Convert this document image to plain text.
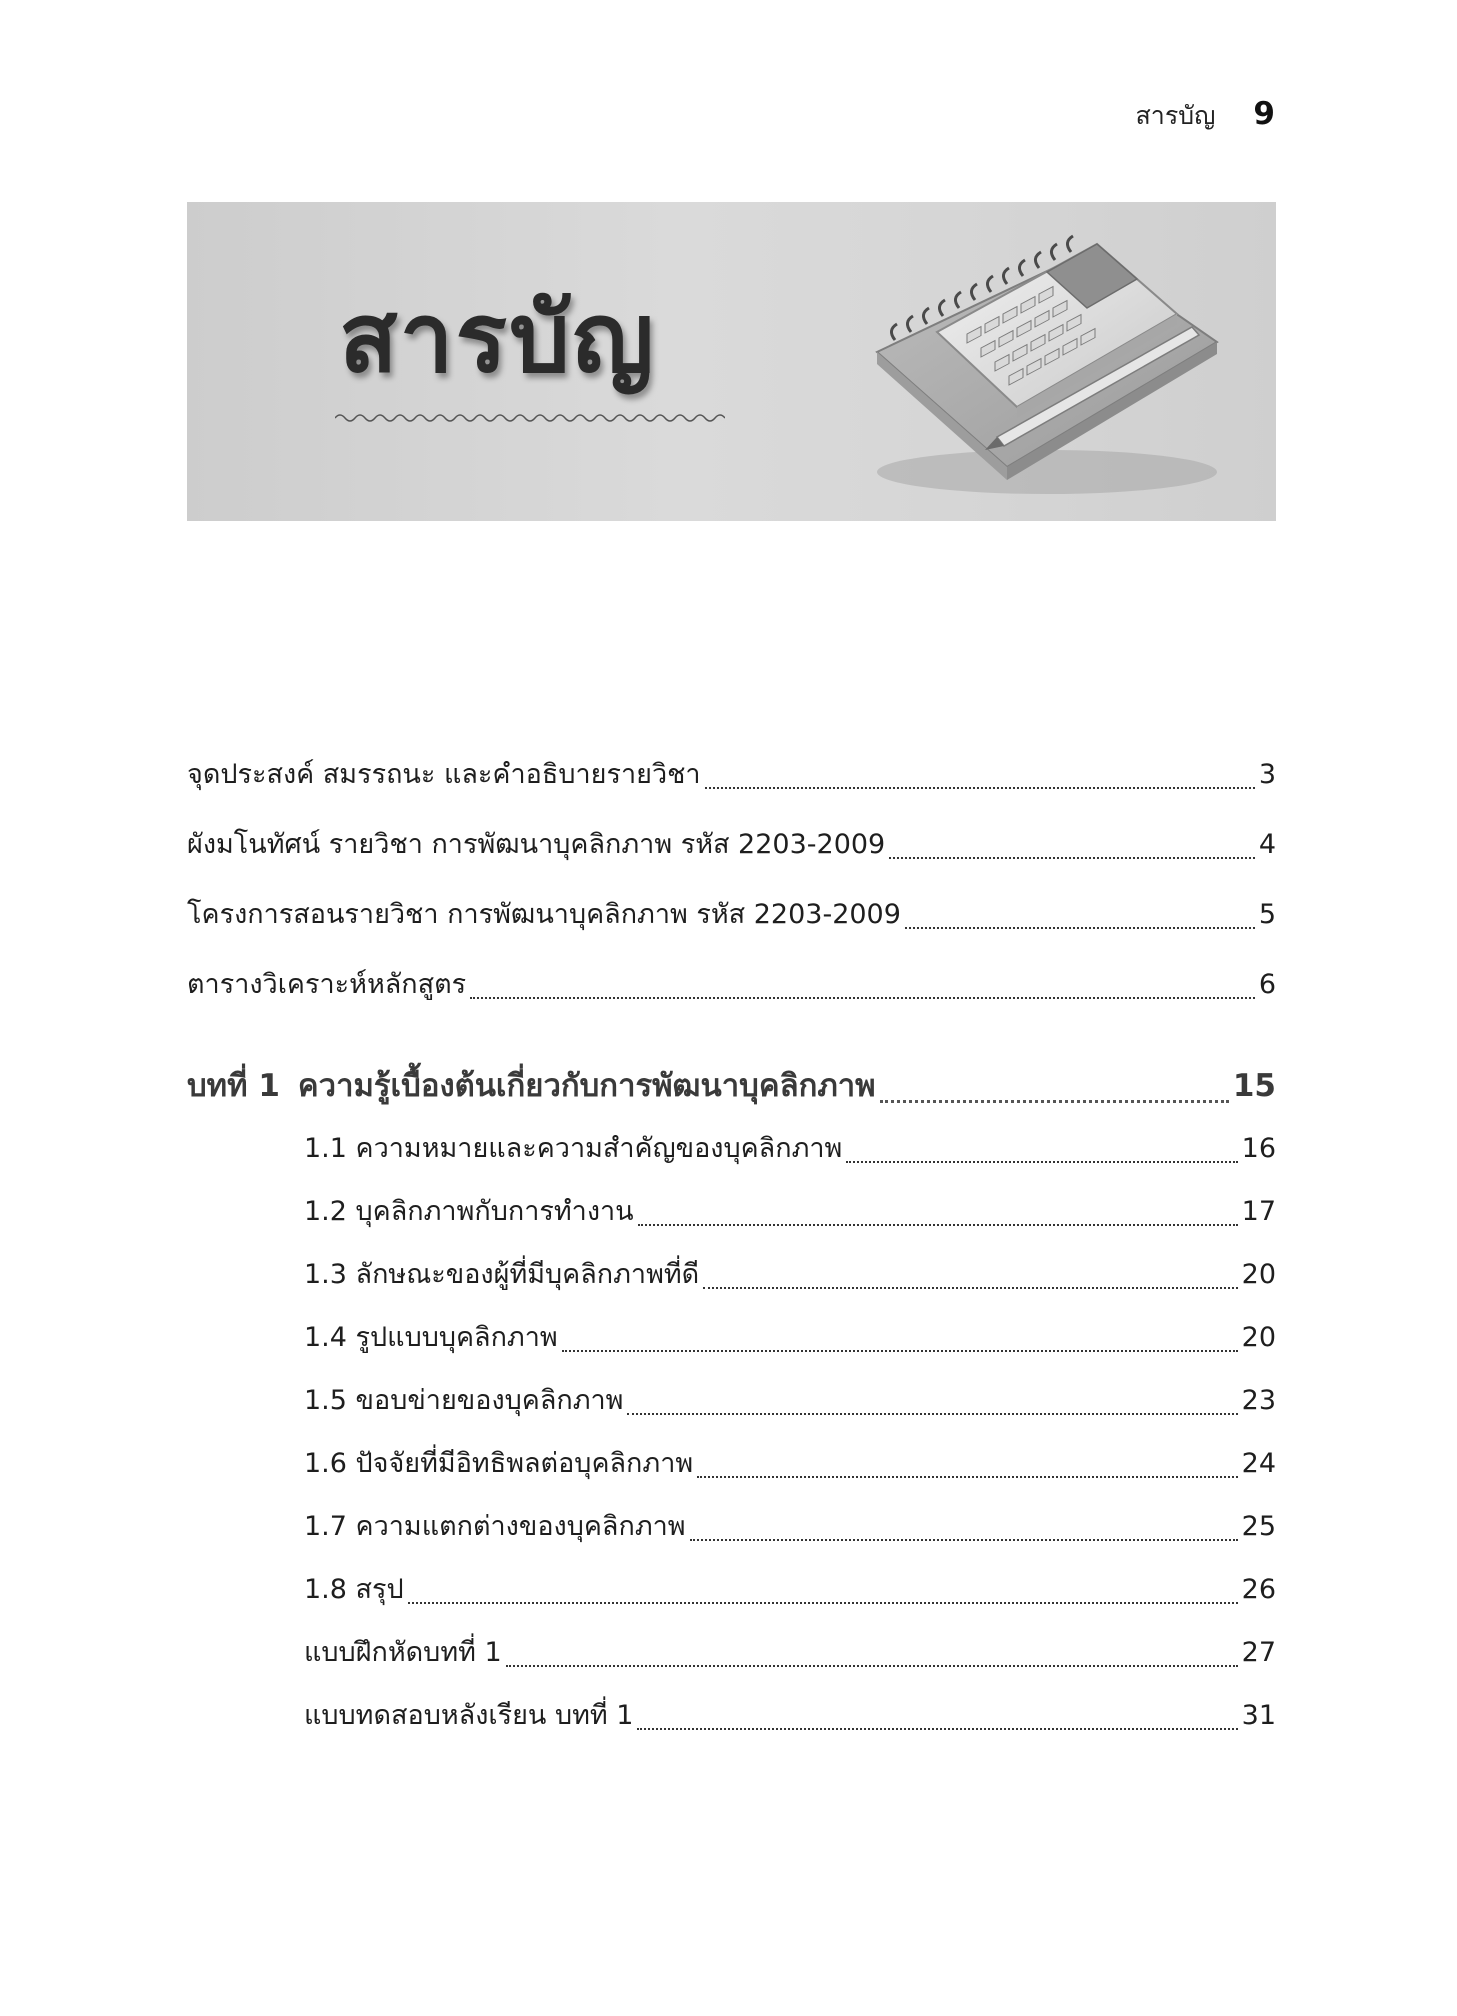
สารบัญ 9
สารบัญ
จุดประสงค์ สมรรถนะ และคำอธิบายรายวิชา	3
ผังมโนทัศน์ รายวิชา การพัฒนาบุคลิกภาพ รหัส 2203-2009	4
โครงการสอนรายวิชา การพัฒนาบุคลิกภาพ รหัส 2203-2009	5
ตารางวิเคราะห์หลักสูตร	6
บทที่ 1 ความรู้เบื้องต้นเกี่ยวกับการพัฒนาบุคลิกภาพ	15
1.1 ความหมายและความสำคัญของบุคลิกภาพ	16
1.2 บุคลิกภาพกับการทำงาน	17
1.3 ลักษณะของผู้ที่มีบุคลิกภาพที่ดี	20
1.4 รูปแบบบุคลิกภาพ	20
1.5 ขอบข่ายของบุคลิกภาพ	23
1.6 ปัจจัยที่มีอิทธิพลต่อบุคลิกภาพ	24
1.7 ความแตกต่างของบุคลิกภาพ	25
1.8 สรุป	26
แบบฝึกหัดบทที่ 1	27
แบบทดสอบหลังเรียน บทที่ 1	31
